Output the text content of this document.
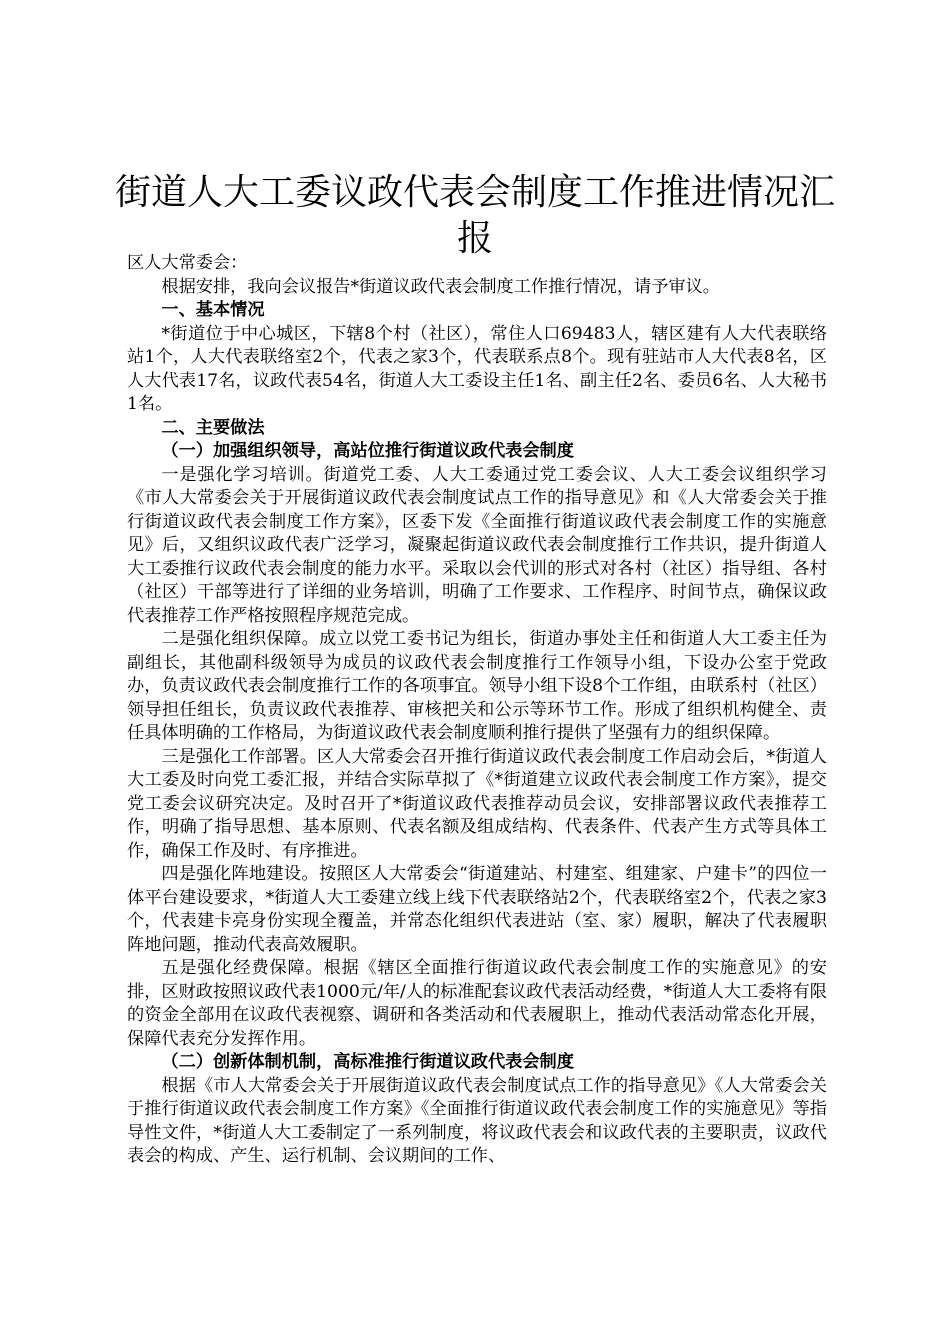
街道人大工委议政代表会制度工作推进情况汇报

区人大常委会：

根据安排，我向会议报告*街道议政代表会制度工作推行情况，请予审议。

一、基本情况

*街道位于中心城区，下辖8个村（社区），常住人口69483人，辖区建有人大代表联络站1个，人大代表联络室2个，代表之家3个，代表联系点8个。现有驻站市人大代表8名，区人大代表17名，议政代表54名，街道人大工委设主任1名、副主任2名、委员6名、人大秘书1名。

二、主要做法

（一）加强组织领导，高站位推行街道议政代表会制度

一是强化学习培训。街道党工委、人大工委通过党工委会议、人大工委会议组织学习《市人大常委会关于开展街道议政代表会制度试点工作的指导意见》和《人大常委会关于推行街道议政代表会制度工作方案》，区委下发《全面推行街道议政代表会制度工作的实施意见》后，又组织议政代表广泛学习，凝聚起街道议政代表会制度推行工作共识，提升街道人大工委推行议政代表会制度的能力水平。采取以会代训的形式对各村（社区）指导组、各村（社区）干部等进行了详细的业务培训，明确了工作要求、工作程序、时间节点，确保议政代表推荐工作严格按照程序规范完成。

二是强化组织保障。成立以党工委书记为组长，街道办事处主任和街道人大工委主任为副组长，其他副科级领导为成员的议政代表会制度推行工作领导小组，下设办公室于党政办，负责议政代表会制度推行工作的各项事宜。领导小组下设8个工作组，由联系村（社区）领导担任组长，负责议政代表推荐、审核把关和公示等环节工作。形成了组织机构健全、责任具体明确的工作格局，为街道议政代表会制度顺利推行提供了坚强有力的组织保障。

三是强化工作部署。区人大常委会召开推行街道议政代表会制度工作启动会后，*街道人大工委及时向党工委汇报，并结合实际草拟了《*街道建立议政代表会制度工作方案》，提交党工委会议研究决定。及时召开了*街道议政代表推荐动员会议，安排部署议政代表推荐工作，明确了指导思想、基本原则、代表名额及组成结构、代表条件、代表产生方式等具体工作，确保工作及时、有序推进。

四是强化阵地建设。按照区人大常委会“街道建站、村建室、组建家、户建卡”的四位一体平台建设要求，*街道人大工委建立线上线下代表联络站2个，代表联络室2个，代表之家3个，代表建卡亮身份实现全覆盖，并常态化组织代表进站（室、家）履职，解决了代表履职阵地问题，推动代表高效履职。

五是强化经费保障。根据《辖区全面推行街道议政代表会制度工作的实施意见》的安排，区财政按照议政代表1000元/年/人的标准配套议政代表活动经费，*街道人大工委将有限的资金全部用在议政代表视察、调研和各类活动和代表履职上，推动代表活动常态化开展，保障代表充分发挥作用。

（二）创新体制机制，高标准推行街道议政代表会制度

根据《市人大常委会关于开展街道议政代表会制度试点工作的指导意见》《人大常委会关于推行街道议政代表会制度工作方案》《全面推行街道议政代表会制度工作的实施意见》等指导性文件，*街道人大工委制定了一系列制度，将议政代表会和议政代表的主要职责，议政代表会的构成、产生、运行机制、会议期间的工作、
